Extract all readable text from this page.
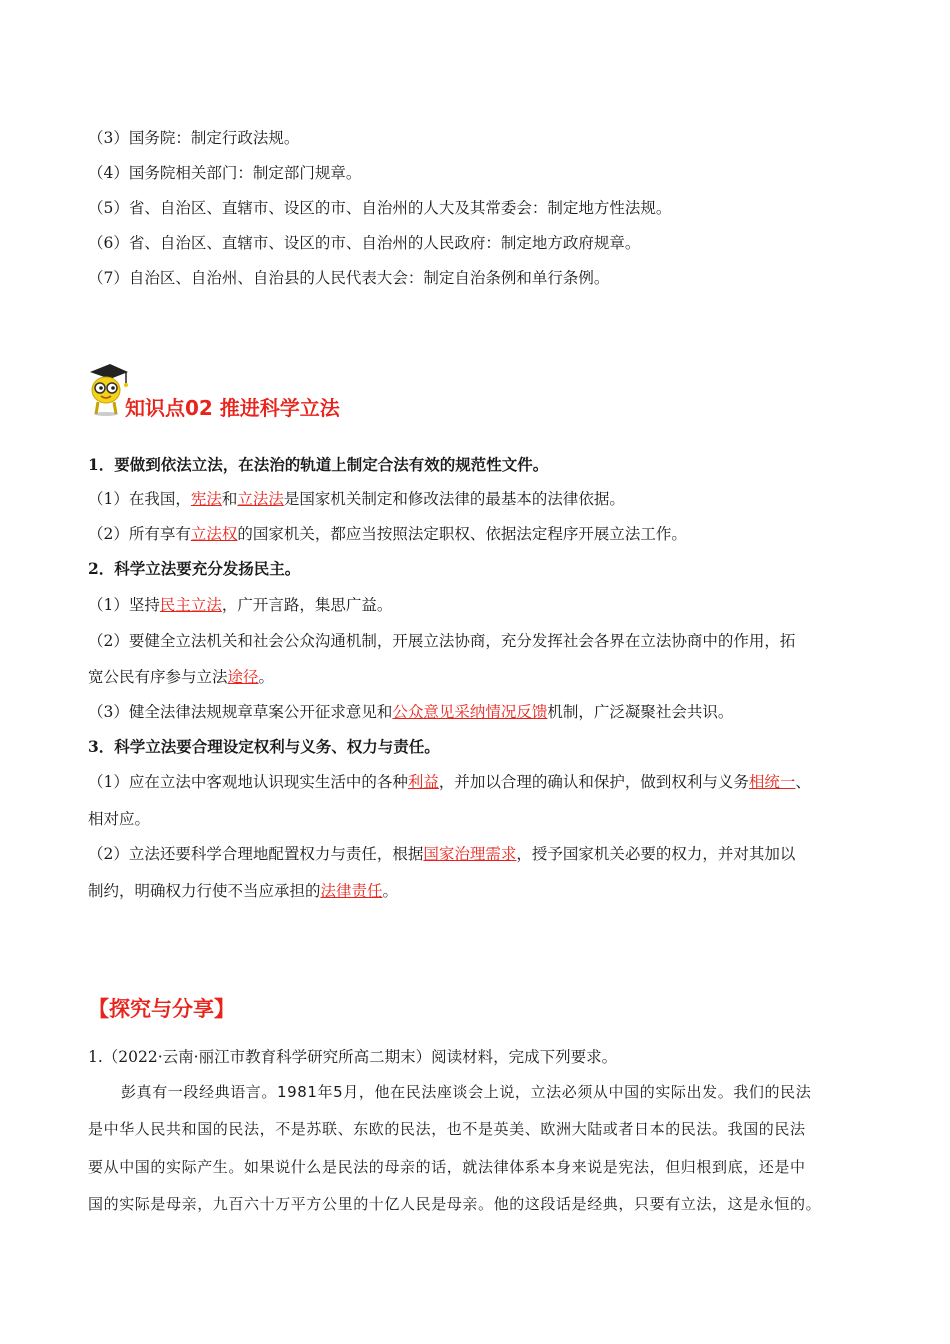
（3）国务院：制定行政法规。
（4）国务院相关部门：制定部门规章。
（5）省、自治区、直辖市、设区的市、自治州的人大及其常委会：制定地方性法规。
（6）省、自治区、直辖市、设区的市、自治州的人民政府：制定地方政府规章。
（7）自治区、自治州、自治县的人民代表大会：制定自治条例和单行条例。
知识点02 推进科学立法
1．要做到依法立法，在法治的轨道上制定合法有效的规范性文件。
（1）在我国，宪法和立法法是国家机关制定和修改法律的最基本的法律依据。
（2）所有享有立法权的国家机关，都应当按照法定职权、依据法定程序开展立法工作。
2．科学立法要充分发扬民主。
（1）坚持民主立法，广开言路，集思广益。
（2）要健全立法机关和社会公众沟通机制，开展立法协商，充分发挥社会各界在立法协商中的作用，拓
宽公民有序参与立法途径。
（3）健全法律法规规章草案公开征求意见和公众意见采纳情况反馈机制，广泛凝聚社会共识。
3．科学立法要合理设定权利与义务、权力与责任。
（1）应在立法中客观地认识现实生活中的各种利益，并加以合理的确认和保护，做到权利与义务相统一、
相对应。
（2）立法还要科学合理地配置权力与责任，根据国家治理需求，授予国家机关必要的权力，并对其加以
制约，明确权力行使不当应承担的法律责任。
【探究与分享】
1.（2022·云南·丽江市教育科学研究所高二期末）阅读材料，完成下列要求。
彭真有一段经典语言。1981年5月，他在民法座谈会上说，立法必须从中国的实际出发。我们的民法
是中华人民共和国的民法，不是苏联、东欧的民法，也不是英美、欧洲大陆或者日本的民法。我国的民法
要从中国的实际产生。如果说什么是民法的母亲的话，就法律体系本身来说是宪法，但归根到底，还是中
国的实际是母亲，九百六十万平方公里的十亿人民是母亲。他的这段话是经典，只要有立法，这是永恒的。
